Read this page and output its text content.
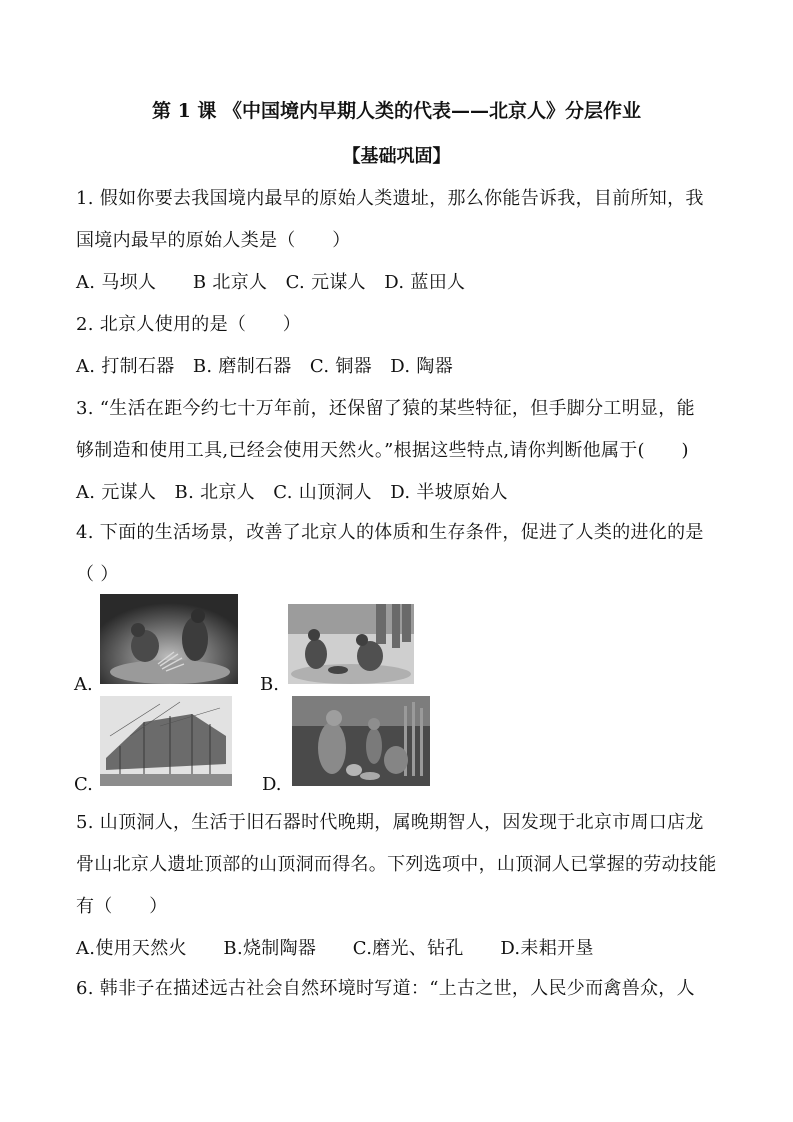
第 1 课 《中国境内早期人类的代表——北京人》分层作业
【基础巩固】
1. 假如你要去我国境内最早的原始人类遗址，那么你能告诉我，目前所知，我
国境内最早的原始人类是（　　）
A. 马坝人　　B 北京人　C. 元谋人　D. 蓝田人
2. 北京人使用的是（　　）
A. 打制石器　B. 磨制石器　C. 铜器　D. 陶器
3. “生活在距今约七十万年前，还保留了猿的某些特征，但手脚分工明显，能
够制造和使用工具,已经会使用天然火。”根据这些特点,请你判断他属于(　　)
A. 元谋人　B. 北京人　C. 山顶洞人　D. 半坡原始人
4. 下面的生活场景，改善了北京人的体质和生存条件，促进了人类的进化的是
（ ）
A.	B.
C.	D.
5. 山顶洞人，生活于旧石器时代晚期，属晚期智人，因发现于北京市周口店龙
骨山北京人遗址顶部的山顶洞而得名。下列选项中，山顶洞人已掌握的劳动技能
有（　　）
A.使用天然火　　B.烧制陶器　　C.磨光、钻孔　　D.耒耜开垦
6. 韩非子在描述远古社会自然环境时写道：“上古之世，人民少而禽兽众，人
